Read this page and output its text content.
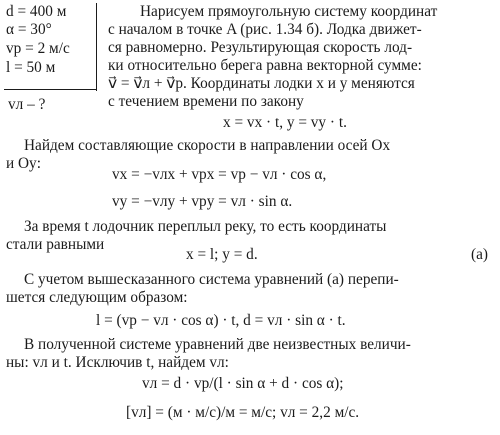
d = 400 м
α = 30°
vр = 2 м/с
l = 50 м
vл – ?
Нарисуем прямоугольную систему координат
с началом в точке A (рис. 1.34 б). Лодка движет-
ся равномерно. Результирующая скорость лод-
ки относительно берега равна векторной сумме:
v⃗ = v⃗л + v⃗р. Координаты лодки x и y меняются
с течением времени по закону
x = vx · t, y = vy · t.
Найдем составляющие скорости в направлении осей Ox
и Oy:
vx = −vлx + vрx = vр − vл · cos α,
vy = −vлy + vрy = vл · sin α.
За время t лодочник переплыл реку, то есть координаты
стали равными
x = l; y = d.	(a)
С учетом вышесказанного система уравнений (а) перепи-
шется следующим образом:
l = (vр − vл · cos α) · t, d = vл · sin α · t.
В полученной системе уравнений две неизвестных величи-
ны: vл и t. Исключив t, найдем vл:
vл = d · vр/(l · sin α + d · cos α);
[vл] = (м · м/с)/м = м/с; vл = 2,2 м/с.
